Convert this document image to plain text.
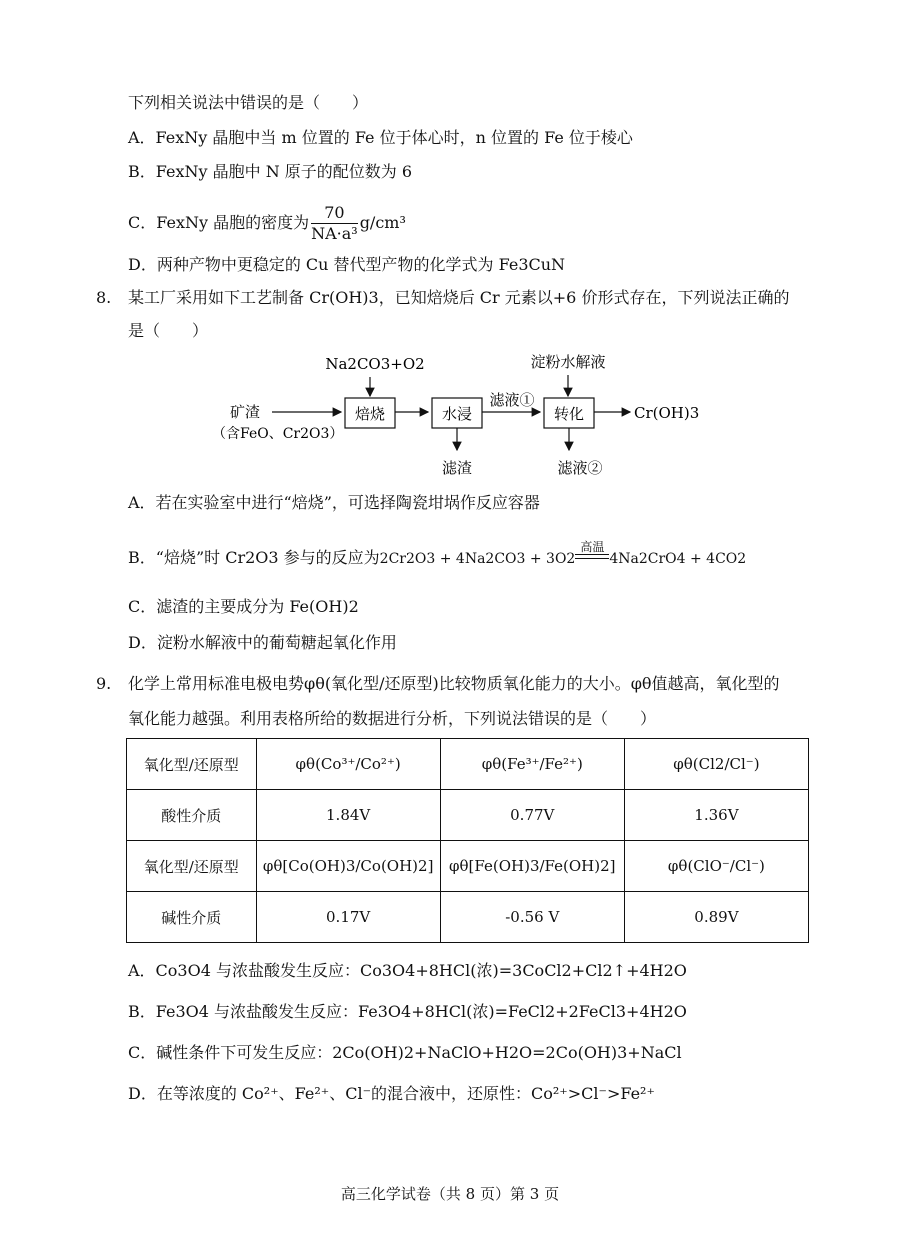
下列相关说法中错误的是（　　）
A．FexNy 晶胞中当 m 位置的 Fe 位于体心时，n 位置的 Fe 位于棱心
B．FexNy 晶胞中 N 原子的配位数为 6
C．FexNy 晶胞的密度为 $\frac{70}{\text{NA·a³}} g/cm^3$
D．两种产物中更稳定的 Cu 替代型产物的化学式为 Fe3CuN
8. 某工厂采用如下工艺制备 Cr(OH)3，已知焙烧后 Cr 元素以+6 价形式存在，下列说法正确的
是（　　）
Na2CO3+O2
矿渣
（含FeO、Cr2O3）
焙烧	水浸
滤渣
滤液①
淀粉水解液
转化	Cr(OH)3
滤液②
A．若在实验室中进行“焙烧”，可选择陶瓷坩埚作反应容器
B．“焙烧”时 Cr2O3 参与的反应为2Cr2O3 + 4Na2CO3 + 3O2
高温
4Na2CrO4 + 4CO2
C．滤渣的主要成分为 Fe(OH)2
D．淀粉水解液中的葡萄糖起氧化作用
9. 化学上常用标准电极电势φθ(氧化型/还原型)比较物质氧化能力的大小。φθ值越高，氧化型的
氧化能力越强。利用表格所给的数据进行分析，下列说法错误的是（　　）
氧化型/还原型	φθ(Co³⁺/Co²⁺)	φθ(Fe³⁺/Fe²⁺)	φθ(Cl2/Cl⁻)
酸性介质	1.84V	0.77V	1.36V
氧化型/还原型	φθ[Co(OH)3/Co(OH)2]	φθ[Fe(OH)3/Fe(OH)2]	φθ(ClO⁻/Cl⁻)
碱性介质	0.17V	-0.56 V	0.89V
A．Co3O4 与浓盐酸发生反应：Co3O4+8HCl(浓)=3CoCl2+Cl2↑+4H2O
B．Fe3O4 与浓盐酸发生反应：Fe3O4+8HCl(浓)=FeCl2+2FeCl3+4H2O
C．碱性条件下可发生反应：2Co(OH)2+NaClO+H2O=2Co(OH)3+NaCl
D．在等浓度的 Co²⁺、Fe²⁺、Cl⁻的混合液中，还原性：Co²⁺>Cl⁻>Fe²⁺
高三化学试卷（共 8 页）第 3 页
